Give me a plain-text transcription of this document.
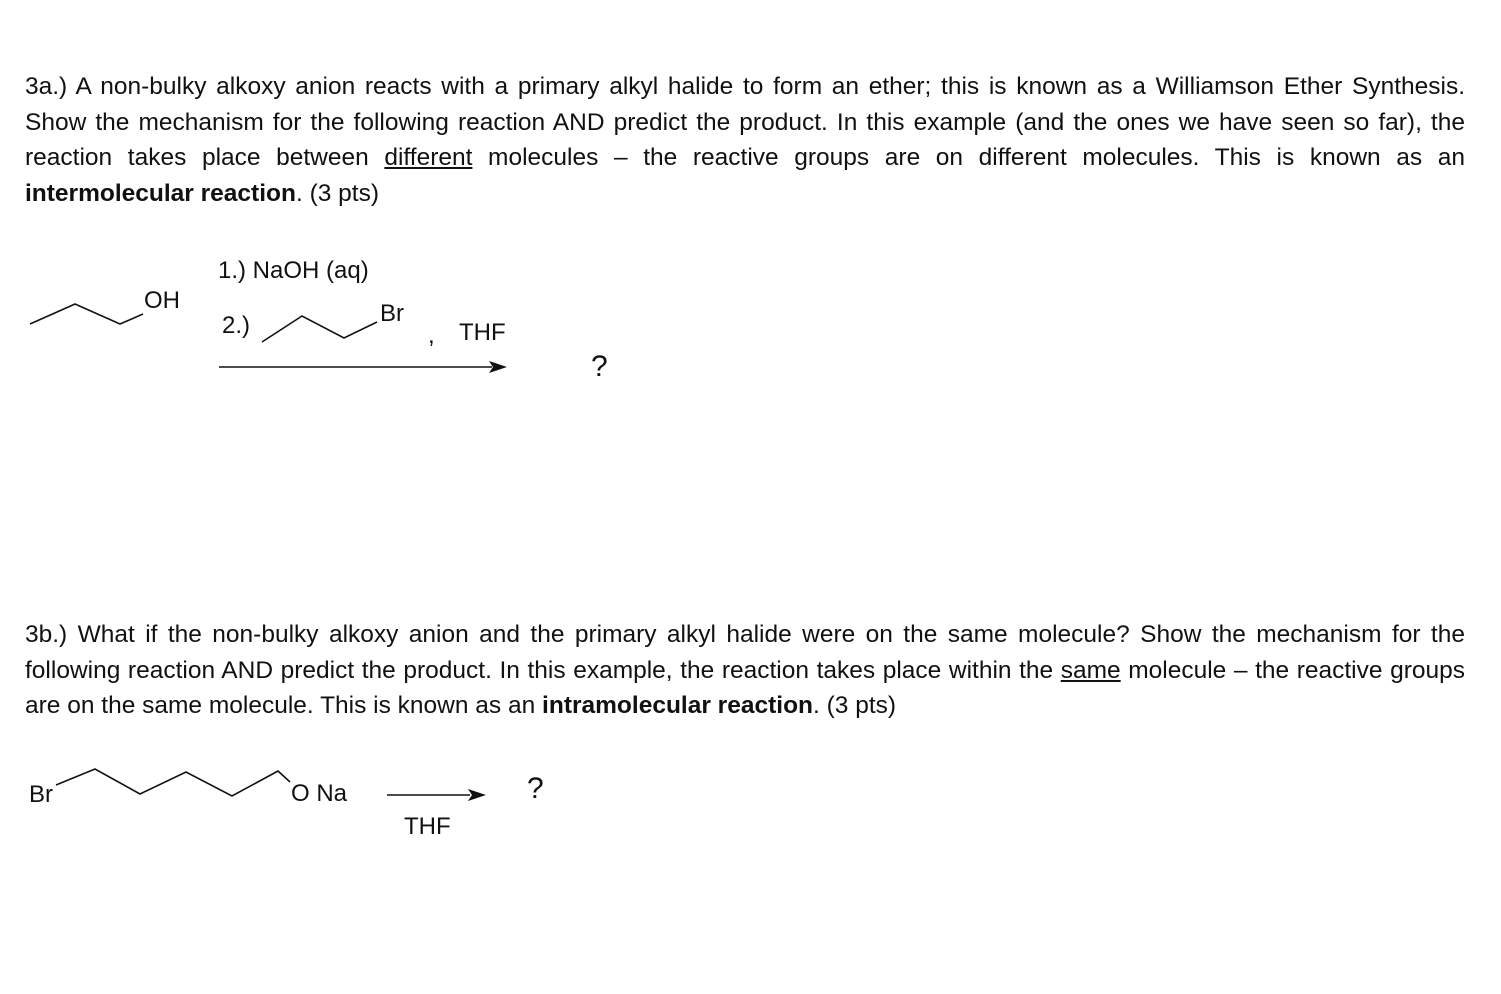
3a.) A non-bulky alkoxy anion reacts with a primary alkyl halide to form an ether; this is known as a Williamson Ether Synthesis. Show the mechanism for the following reaction AND predict the product. In this example (and the ones we have seen so far), the reaction takes place between different molecules – the reactive groups are on different molecules. This is known as an intermolecular reaction. (3 pts)

OH
1.) NaOH (aq)
2.)	Br
, THF
?

3b.) What if the non-bulky alkoxy anion and the primary alkyl halide were on the same molecule? Show the mechanism for the following reaction AND predict the product. In this example, the reaction takes place within the same molecule – the reactive groups are on the same molecule. This is known as an intramolecular reaction. (3 pts)

Br	O Na
THF
?
